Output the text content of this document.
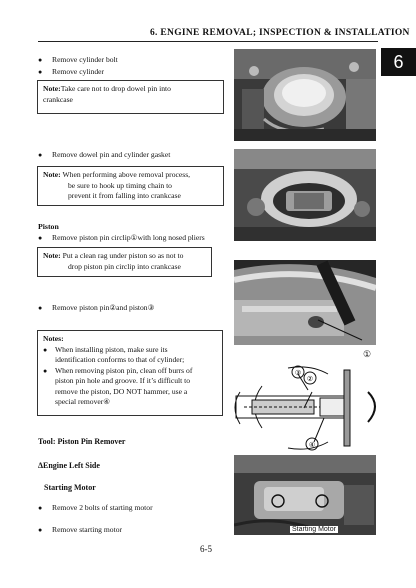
6. ENGINE REMOVAL; INSPECTION & INSTALLATION
6
● Remove cylinder bolt
● Remove cylinder
Note:Take care not to drop dowel pin into
crankcase
● Remove dowel pin and cylinder gasket
Note: When performing above removal process,
be sure to hook up timing chain to
prevent it from falling into crankcase
Piston
● Remove piston pin circlip①with long nosed pliers
Note: Put a clean rag under piston so as not to
drop piston pin circlip into crankcase
● Remove piston pin②and piston③
Notes:
● When installing piston, make sure its
identification conforms to that of cylinder;
● When removing piston pin, clean off burrs of
piston pin hole and groove. If it’s difficult to
remove the piston, DO NOT hammer, use a
special remover④
Tool: Piston Pin Remover
ΔEngine Left Side
Starting Motor
● Remove 2 bolts of starting motor
● Remove starting motor
①
③
②
④
Starting Motor
6-5
